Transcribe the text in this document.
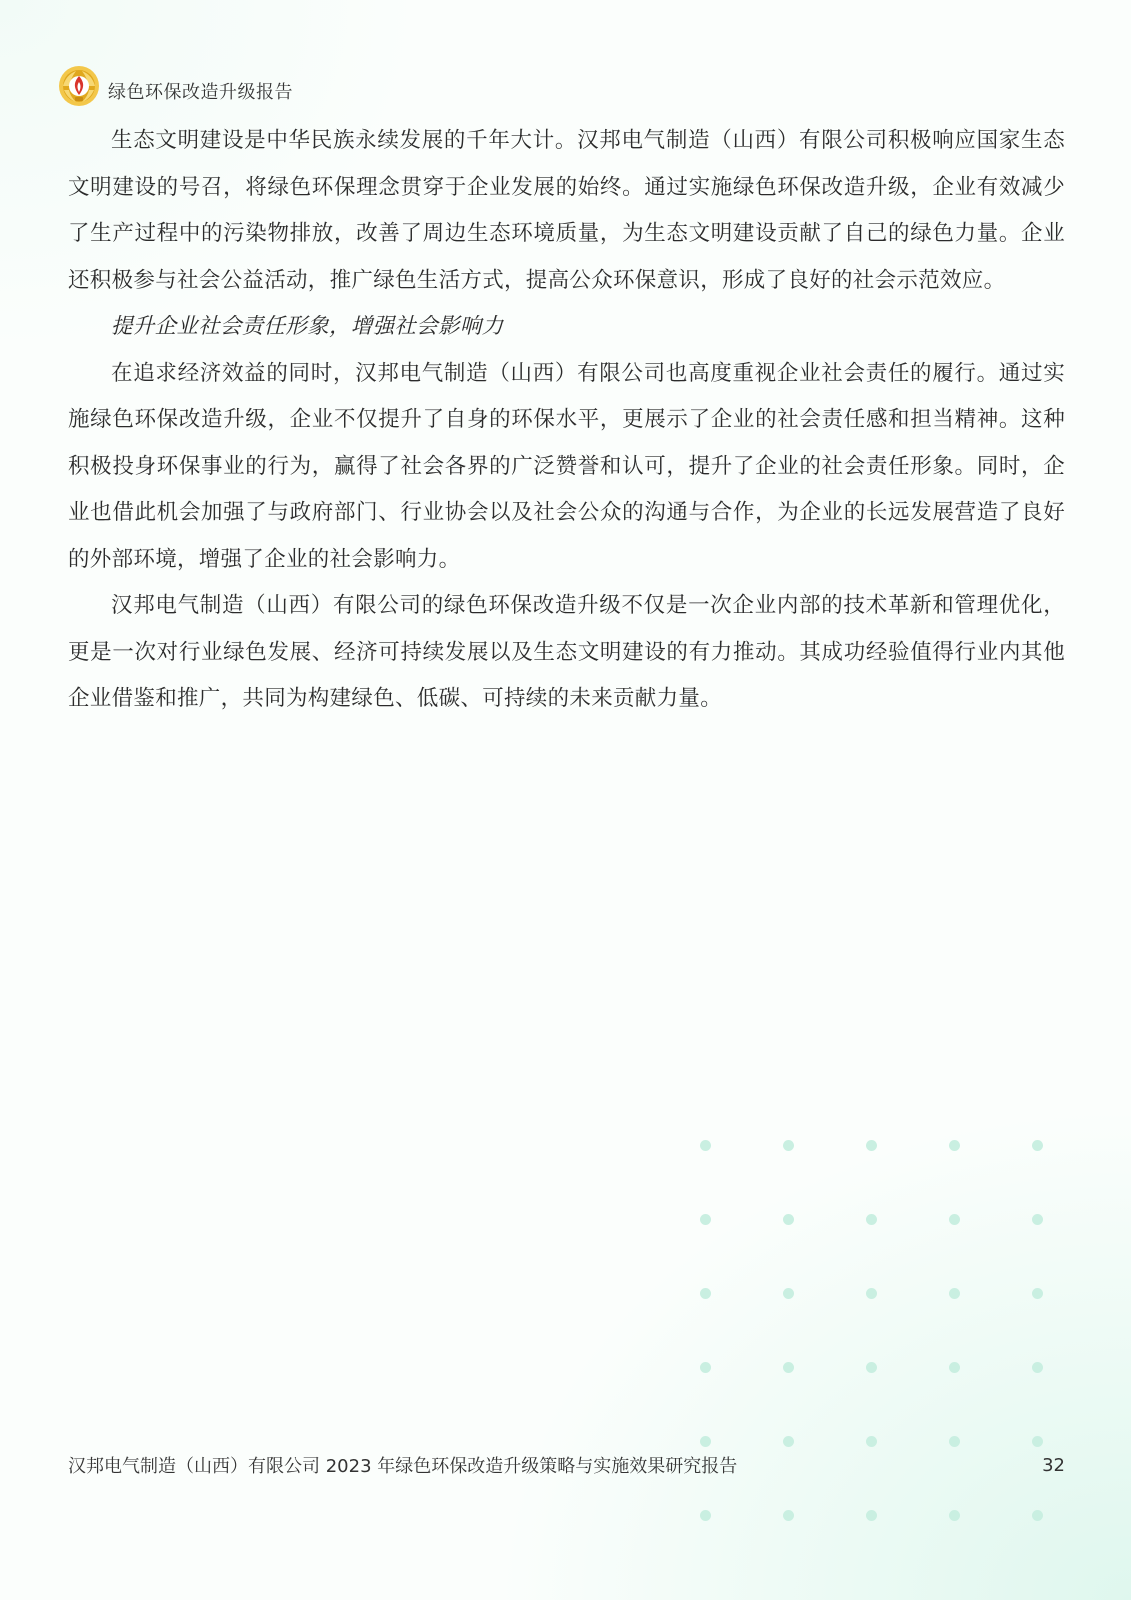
绿色环保改造升级报告

生态文明建设是中华民族永续发展的千年大计。汉邦电气制造（山西）有限公司积极响应国家生态文明建设的号召，将绿色环保理念贯穿于企业发展的始终。通过实施绿色环保改造升级，企业有效减少了生产过程中的污染物排放，改善了周边生态环境质量，为生态文明建设贡献了自己的绿色力量。企业还积极参与社会公益活动，推广绿色生活方式，提高公众环保意识，形成了良好的社会示范效应。

提升企业社会责任形象，增强社会影响力

在追求经济效益的同时，汉邦电气制造（山西）有限公司也高度重视企业社会责任的履行。通过实施绿色环保改造升级，企业不仅提升了自身的环保水平，更展示了企业的社会责任感和担当精神。这种积极投身环保事业的行为，赢得了社会各界的广泛赞誉和认可，提升了企业的社会责任形象。同时，企业也借此机会加强了与政府部门、行业协会以及社会公众的沟通与合作，为企业的长远发展营造了良好的外部环境，增强了企业的社会影响力。

汉邦电气制造（山西）有限公司的绿色环保改造升级不仅是一次企业内部的技术革新和管理优化，更是一次对行业绿色发展、经济可持续发展以及生态文明建设的有力推动。其成功经验值得行业内其他企业借鉴和推广，共同为构建绿色、低碳、可持续的未来贡献力量。

汉邦电气制造（山西）有限公司 2023 年绿色环保改造升级策略与实施效果研究报告	32
